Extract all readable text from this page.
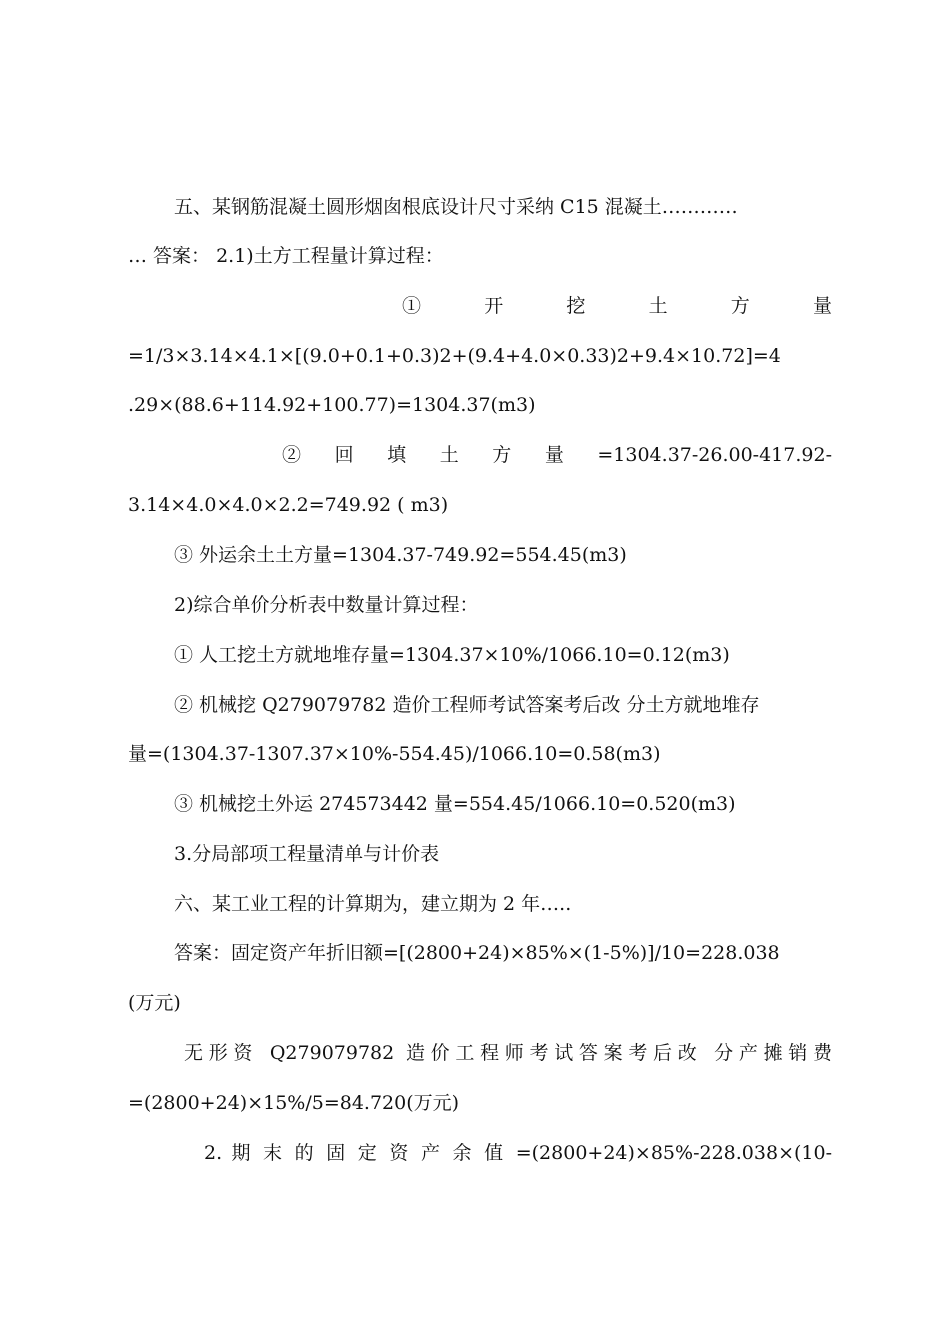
五、某钢筋混凝土圆形烟囱根底设计尺寸采纳 C15 混凝土…………
… 答案： 2.1)土方工程量计算过程：
①　　开　　挖　　土　　方　　量
=1/3×3.14×4.1×[(9.0+0.1+0.3)2+(9.4+4.0×0.33)2+9.4×10.72]=4
.29×(88.6+114.92+100.77)=1304.37(m3)
②　回　填　土　方　量　=1304.37-26.00-417.92-
3.14×4.0×4.0×2.2=749.92 ( m3)
③ 外运余土土方量=1304.37-749.92=554.45(m3)
2)综合单价分析表中数量计算过程：
① 人工挖土方就地堆存量=1304.37×10%/1066.10=0.12(m3)
② 机械挖 Q279079782 造价工程师考试答案考后改 分土方就地堆存
量=(1304.37-1307.37×10%-554.45)/1066.10=0.58(m3)
③ 机械挖土外运 274573442 量=554.45/1066.10=0.520(m3)
3.分局部项工程量清单与计价表
六、某工业工程的计算期为，建立期为 2 年…..
答案：固定资产年折旧额=[(2800+24)×85%×(1-5%)]/10=228.038
(万元)
无形资 Q279079782 造价工程师考试答案考后改 分产摊销费
=(2800+24)×15%/5=84.720(万元)
2. 期 末 的 固 定 资 产 余 值 =(2800+24)×85%-228.038×(10-
